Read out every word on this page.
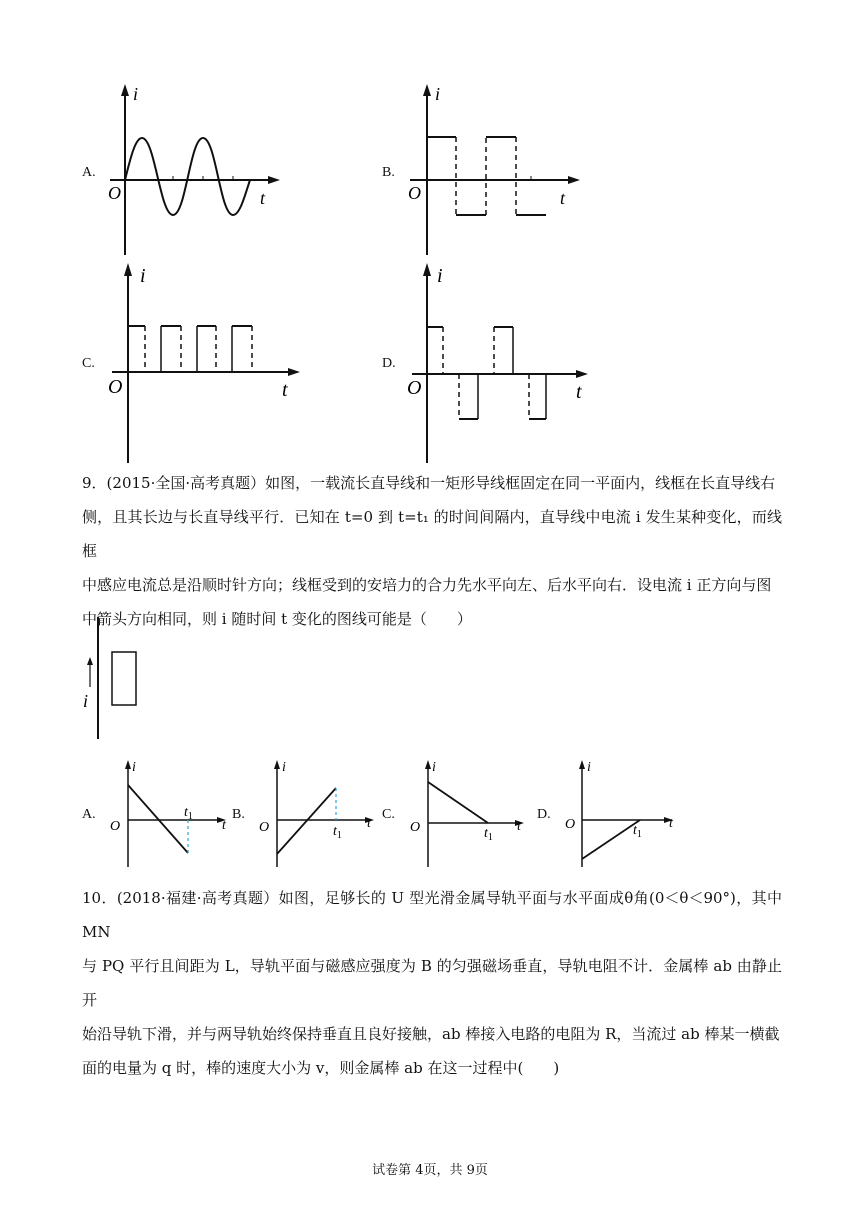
A.
i
t
O
B.
i
t
O
C.
i
t
O
D.
i
t
O
9．(2015·全国·高考真题）如图，一载流长直导线和一矩形导线框固定在同一平面内，线框在长直导线右
侧，且其长边与长直导线平行．已知在 t=0 到 t=t₁ 的时间间隔内，直导线中电流 i 发生某种变化，而线框
中感应电流总是沿顺时针方向；线框受到的安培力的合力先水平向左、后水平向右．设电流 i 正方向与图
中箭头方向相同，则 i 随时间 t 变化的图线可能是（　　）
i
A.
i
t
O
$t_1$	B.
i
t
O	$t_1$
C.
i
t
O	$t_1$
D.
i
t
O	$t_1$
10．(2018·福建·高考真题）如图，足够长的 U 型光滑金属导轨平面与水平面成θ角(0＜θ＜90°)，其中 MN
与 PQ 平行且间距为 L，导轨平面与磁感应强度为 B 的匀强磁场垂直，导轨电阻不计．金属棒 ab 由静止开
始沿导轨下滑，并与两导轨始终保持垂直且良好接触，ab 棒接入电路的电阻为 R，当流过 ab 棒某一横截
面的电量为 q 时，棒的速度大小为 v，则金属棒 ab 在这一过程中(　　)
试卷第 4页，共 9页
